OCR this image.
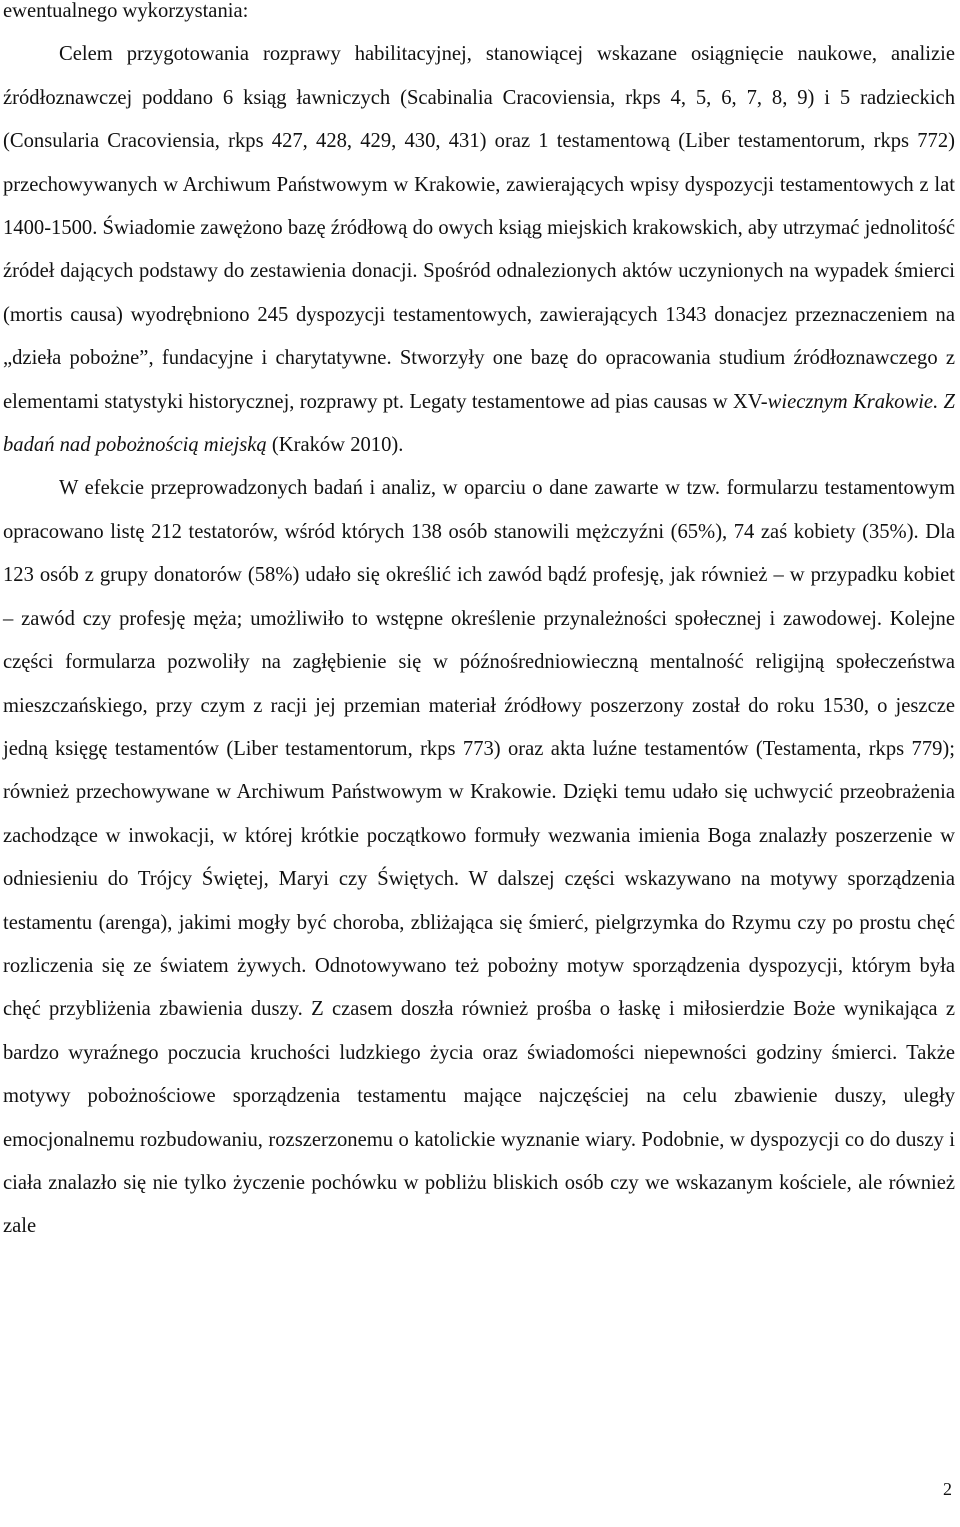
ewentualnego wykorzystania:

Celem przygotowania rozprawy habilitacyjnej, stanowiącej wskazane osiągnięcie naukowe, analizie źródłoznawczej poddano 6 ksiąg ławniczych (Scabinalia Cracoviensia, rkps 4, 5, 6, 7, 8, 9) i 5 radzieckich (Consularia Cracoviensia, rkps 427, 428, 429, 430, 431) oraz 1 testamentową (Liber testamentorum, rkps 772) przechowywanych w Archiwum Państwowym w Krakowie, zawierających wpisy dyspozycji testamentowych z lat 1400-1500. Świadomie zawężono bazę źródłową do owych ksiąg miejskich krakowskich, aby utrzymać jednolitość źródeł dających podstawy do zestawienia donacji. Spośród odnalezionych aktów uczynionych na wypadek śmierci (mortis causa) wyodrębniono 245 dyspozycji testamentowych, zawierających 1343 donacjez przeznaczeniem na „dzieła pobożne”, fundacyjne i charytatywne. Stworzyły one bazę do opracowania studium źródłoznawczego z elementami statystyki historycznej, rozprawy pt. Legaty testamentowe ad pias causas w XV-wiecznym Krakowie. Z badań nad pobożnością miejską (Kraków 2010).

W efekcie przeprowadzonych badań i analiz, w oparciu o dane zawarte w tzw. formularzu testamentowym opracowano listę 212 testatorów, wśród których 138 osób stanowili mężczyźni (65%), 74 zaś kobiety (35%). Dla 123 osób z grupy donatorów (58%) udało się określić ich zawód bądź profesję, jak również – w przypadku kobiet – zawód czy profesję męża; umożliwiło to wstępne określenie przynależności społecznej i zawodowej. Kolejne części formularza pozwoliły na zagłębienie się w późnośredniowieczną mentalność religijną społeczeństwa mieszczańskiego, przy czym z racji jej przemian materiał źródłowy poszerzony został do roku 1530, o jeszcze jedną księgę testamentów (Liber testamentorum, rkps 773) oraz akta luźne testamentów (Testamenta, rkps 779); również przechowywane w Archiwum Państwowym w Krakowie. Dzięki temu udało się uchwycić przeobrażenia zachodzące w inwokacji, w której krótkie początkowo formuły wezwania imienia Boga znalazły poszerzenie w odniesieniu do Trójcy Świętej, Maryi czy Świętych. W dalszej części wskazywano na motywy sporządzenia testamentu (arenga), jakimi mogły być choroba, zbliżająca się śmierć, pielgrzymka do Rzymu czy po prostu chęć rozliczenia się ze światem żywych. Odnotowywano też pobożny motyw sporządzenia dyspozycji, którym była chęć przybliżenia zbawienia duszy. Z czasem doszła również prośba o łaskę i miłosierdzie Boże wynikająca z bardzo wyraźnego poczucia kruchości ludzkiego życia oraz świadomości niepewności godziny śmierci. Także motywy pobożnościowe sporządzenia testamentu mające najczęściej na celu zbawienie duszy, uległy emocjonalnemu rozbudowaniu, rozszerzonemu o katolickie wyznanie wiary. Podobnie, w dyspozycji co do duszy i ciała znalazło się nie tylko życzenie pochówku w pobliżu bliskich osób czy we wskazanym kościele, ale również zale

2
